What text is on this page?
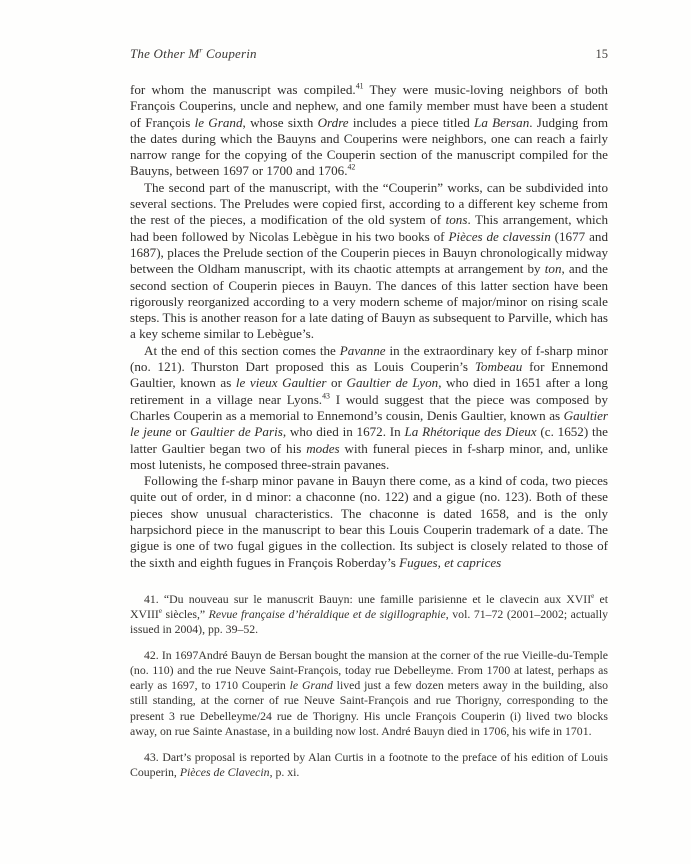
The Other $M^r$ Couperin	15

for whom the manuscript was compiled.$^{41}$ They were music-loving neighbors of both François Couperins, uncle and nephew, and one family member must have been a student of François le Grand, whose sixth Ordre includes a piece titled La Bersan. Judging from the dates during which the Bauyns and Couperins were neighbors, one can reach a fairly narrow range for the copying of the Couperin section of the manuscript compiled for the Bauyns, between 1697 or 1700 and 1706.42

The second part of the manuscript, with the “Couperin” works, can be subdivided into several sections. The Preludes were copied first, according to a different key scheme from the rest of the pieces, a modification of the old system of tons. This arrangement, which had been followed by Nicolas Lebègue in his two books of Pièces de clavessin (1677 and 1687), places the Prelude section of the Couperin pieces in Bauyn chronologically midway between the Oldham manuscript, with its chaotic attempts at arrangement by ton, and the second section of Couperin pieces in Bauyn. The dances of this latter section have been rigorously reorganized according to a very modern scheme of major/minor on rising scale steps. This is another reason for a late dating of Bauyn as subsequent to Parville, which has a key scheme similar to Lebègue’s.

At the end of this section comes the Pavanne in the extraordinary key of f-sharp minor (no. 121). Thurston Dart proposed this as Louis Couperin’s Tombeau for Ennemond Gaultier, known as le vieux Gaultier or Gaultier de Lyon, who died in 1651 after a long retirement in a village near Lyons.$^{43}$ I would suggest that the piece was composed by Charles Couperin as a memorial to Ennemond’s cousin, Denis Gaultier, known as Gaultier le jeune or Gaultier de Paris, who died in 1672. In La Rhétorique des Dieux (c. 1652) the latter Gaultier began two of his modes with funeral pieces in f-sharp minor, and, unlike most lutenists, he composed three-strain pavanes.

Following the f-sharp minor pavane in Bauyn there come, as a kind of coda, two pieces quite out of order, in d minor: a chaconne (no. 122) and a gigue (no. 123). Both of these pieces show unusual characteristics. The chaconne is dated 1658, and is the only harpsichord piece in the manuscript to bear this Louis Couperin trademark of a date. The gigue is one of two fugal gigues in the collection. Its subject is closely related to those of the sixth and eighth fugues in François Roberday’s Fugues, et caprices

41. “Du nouveau sur le manuscrit Bauyn: une famille parisienne et le clavecin aux XVIIe et XVIIIe siècles,” Revue française d’héraldique et de sigillographie, vol. 71–72 (2001–2002; actually issued in 2004), pp. 39–52.

42. In 1697André Bauyn de Bersan bought the mansion at the corner of the rue Vieille-du-Temple (no. 110) and the rue Neuve Saint-François, today rue Debelleyme. From 1700 at latest, perhaps as early as 1697, to 1710 Couperin le Grand lived just a few dozen meters away in the building, also still standing, at the corner of rue Neuve Saint-François and rue Thorigny, corresponding to the present 3 rue Debelleyme/24 rue de Thorigny. His uncle François Couperin (i) lived two blocks away, on rue Sainte Anastase, in a building now lost. André Bauyn died in 1706, his wife in 1701.

43. Dart’s proposal is reported by Alan Curtis in a footnote to the preface of his edition of Louis Couperin, Pièces de Clavecin, p. xi.
